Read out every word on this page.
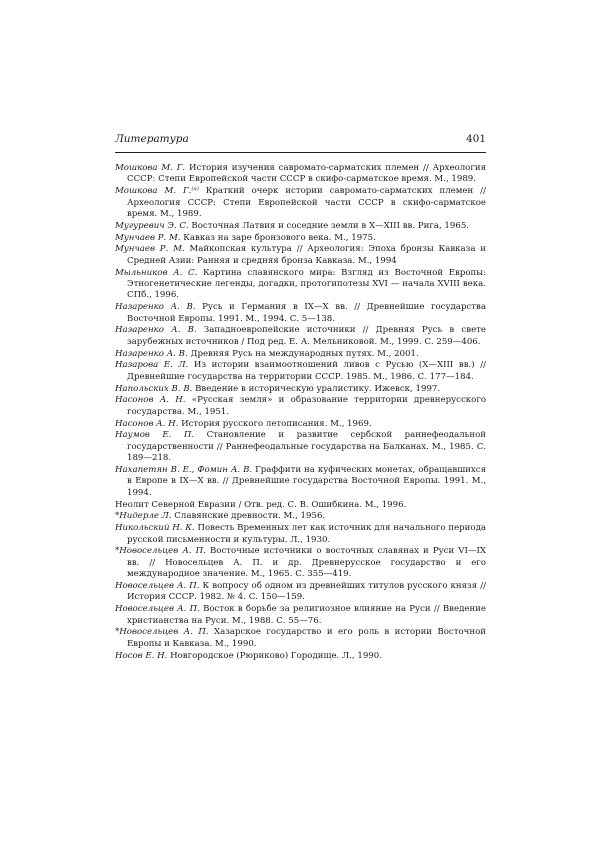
Литература	401

Мошкова М. Г. История изучения савромато-сарматских племен // Археология СССР: Степи Европейской части СССР в скифо-сарматское время. М., 1989.

Мошкова М. Г.⁽ᵃ⁾ Краткий очерк истории савромато-сарматских племен // Археология СССР: Степи Европейской части СССР в скифо-сарматское время. М., 1989.

Мугуревич Э. С. Восточная Латвия и соседние земли в X—XIII вв. Рига, 1965.

Мунчаев Р. М. Кавказ на заре бронзового века. М., 1975.

Мунчаев Р. М. Майкопская культура // Археология: Эпоха бронзы Кавказа и Средней Азии: Ранняя и средняя бронза Кавказа. М., 1994

Мыльников А. С. Картина славянского мира: Взгляд из Восточной Европы: Этногенетические легенды, догадки, протогипотезы XVI — начала XVIII века. СПб., 1996.

Назаренко А. В. Русь и Германия в IX—X вв. // Древнейшие государства Восточной Европы. 1991. М., 1994. С. 5—138.

Назаренко А. В. Западноевропейские источники // Древняя Русь в свете зарубежных источников / Под ред. Е. А. Мельниковой. М., 1999. С. 259—406.

Назаренко А. В. Древняя Русь на международных путях. М., 2001.

Назарова Е. Л. Из истории взаимоотношений ливов с Русью (X—XIII вв.) // Древнейшие государства на территории СССР. 1985. М., 1986. С. 177—184.

Напольских В. В. Введение в историческую уралистику. Ижевск, 1997.

Насонов А. Н. «Русская земля» и образование территории древнерусского государства. М., 1951.

Насонов А. Н. История русского летописания. М., 1969.

Наумов Е. П. Становление и развитие сербской раннефеодальной государственности // Раннефеодальные государства на Балканах. М., 1985. С. 189—218.

Нахапетян В. Е., Фомин А. В. Граффити на куфических монетах, обращавшихся в Европе в IX—X вв. // Древнейшие государства Восточной Европы. 1991. М., 1994.

Неолит Северной Евразии / Отв. ред. С. В. Ошибкина. М., 1996.

*Нидерле Л. Славянские древности. М., 1956.

Никольский Н. К. Повесть Временных лет как источник для начального периода русской письменности и культуры. Л., 1930.

*Новосельцев А. П. Восточные источники о восточных славянах и Руси VI—IX вв. // Новосельцев А. П. и др. Древнерусское государство и его международное значение. М., 1965. С. 355—419.

Новосельцев А. П. К вопросу об одном из древнейших титулов русского князя // История СССР. 1982. № 4. С. 150—159.

Новосельцев А. П. Восток в борьбе за религиозное влияние на Руси // Введение христианства на Руси. М., 1988. С. 55—76.

*Новосельцев А. П. Хазарское государство и его роль в истории Восточной Европы и Кавказа. М., 1990.

Носов Е. Н. Новгородское (Рюриково) Городище. Л., 1990.
